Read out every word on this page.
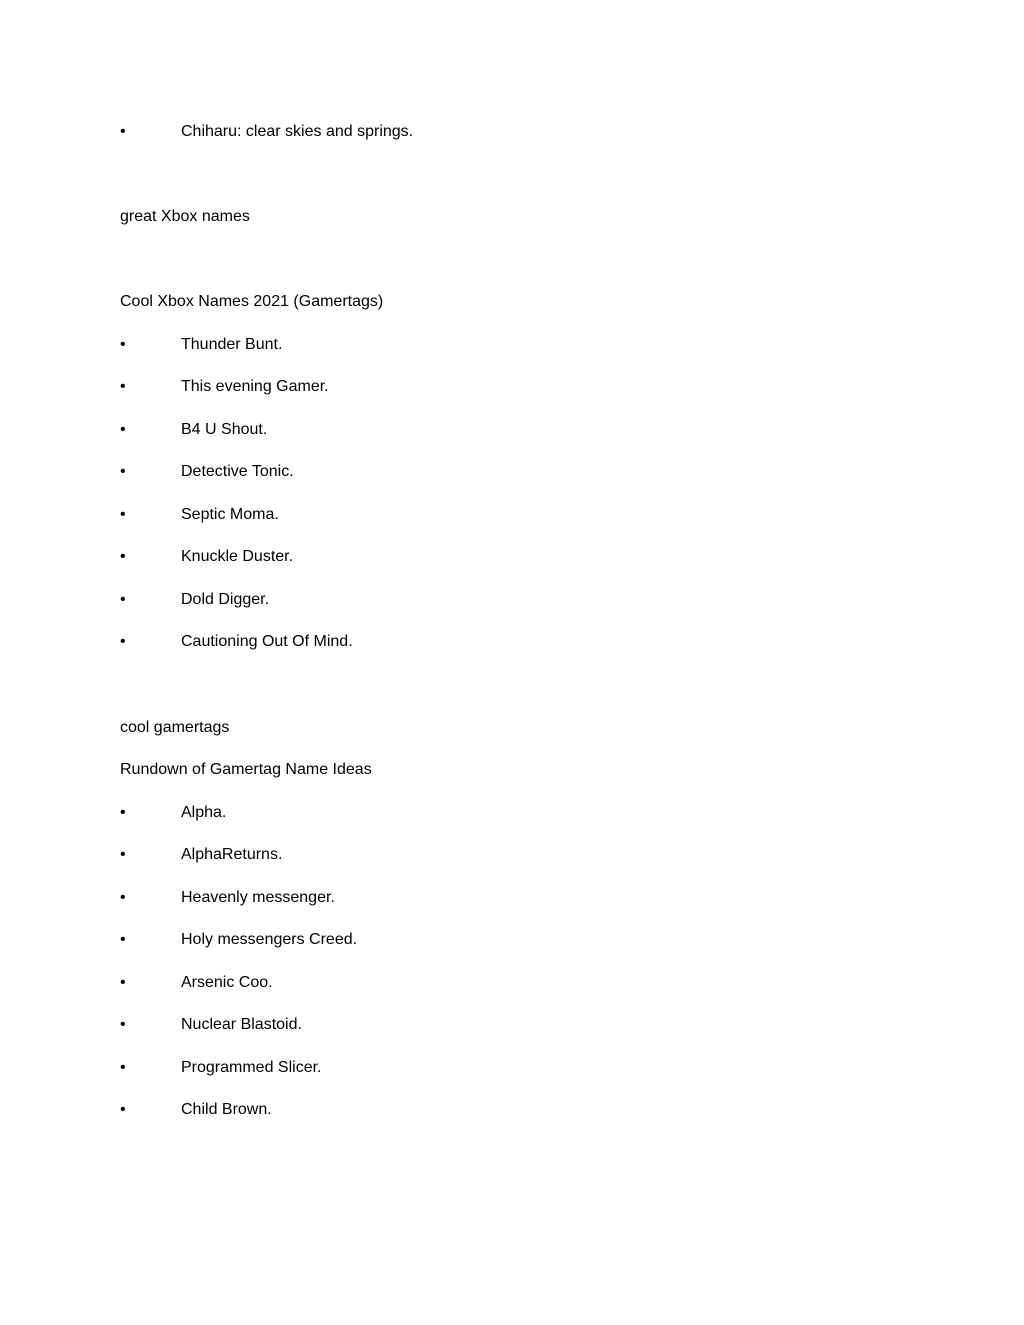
•	Chiharu: clear skies and springs.
great Xbox names
Cool Xbox Names 2021 (Gamertags)
•	Thunder Bunt.
•	This evening Gamer.
•	B4 U Shout.
•	Detective Tonic.
•	Septic Moma.
•	Knuckle Duster.
•	Dold Digger.
•	Cautioning Out Of Mind.
cool gamertags
Rundown of Gamertag Name Ideas
•	Alpha.
•	AlphaReturns.
•	Heavenly messenger.
•	Holy messengers Creed.
•	Arsenic Coo.
•	Nuclear Blastoid.
•	Programmed Slicer.
•	Child Brown.
